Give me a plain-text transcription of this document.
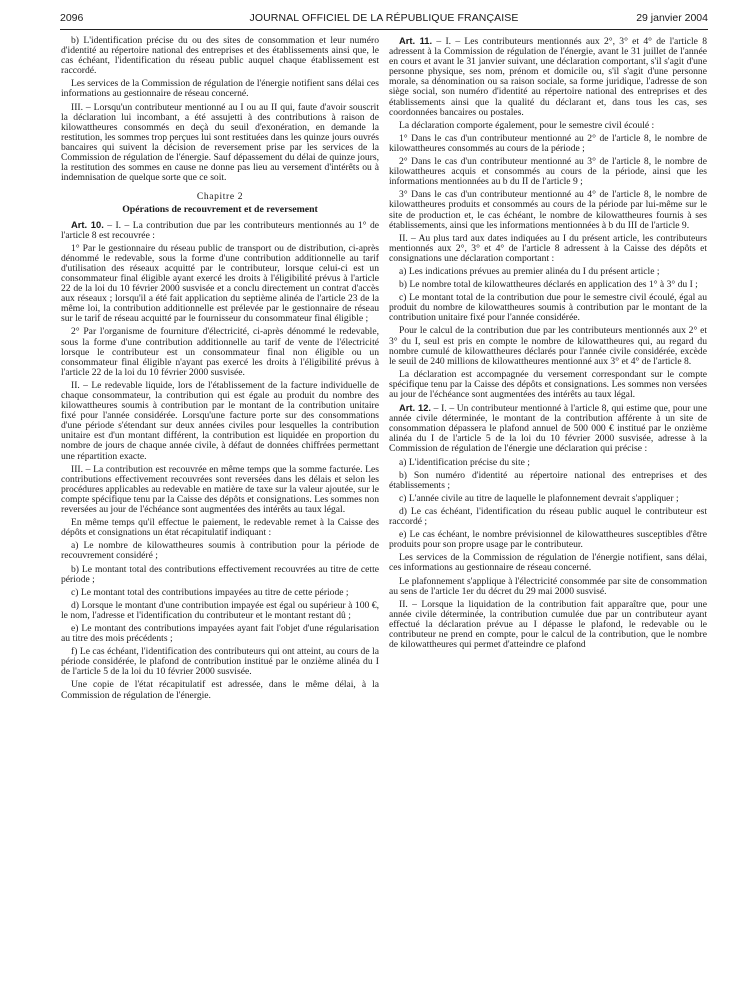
2096	JOURNAL OFFICIEL DE LA RÉPUBLIQUE FRANÇAISE	29 janvier 2004

b) L'identification précise du ou des sites de consommation et leur numéro d'identité au répertoire national des entreprises et des établissements ainsi que, le cas échéant, l'identification du réseau public auquel chaque établissement est raccordé.

Les services de la Commission de régulation de l'énergie notifient sans délai ces informations au gestionnaire de réseau concerné.

III. – Lorsqu'un contributeur mentionné au I ou au II qui, faute d'avoir souscrit la déclaration lui incombant, a été assujetti à des contributions à raison de kilowattheures consommés en deçà du seuil d'exonération, en demande la restitution, les sommes trop perçues lui sont restituées dans les quinze jours ouvrés bancaires qui suivent la décision de reversement prise par les services de la Commission de régulation de l'énergie. Sauf dépassement du délai de quinze jours, la restitution des sommes en cause ne donne pas lieu au versement d'intérêts ou à indemnisation de quelque sorte que ce soit.

Chapitre 2
Opérations de recouvrement et de reversement

Art. 10. – I. – La contribution due par les contributeurs mentionnés au 1° de l'article 8 est recouvrée :

1° Par le gestionnaire du réseau public de transport ou de distribution, ci-après dénommé le redevable, sous la forme d'une contribution additionnelle au tarif d'utilisation des réseaux acquitté par le contributeur, lorsque celui-ci est un consommateur final éligible ayant exercé les droits à l'éligibilité prévus à l'article 22 de la loi du 10 février 2000 susvisée et a conclu directement un contrat d'accès aux réseaux ; lorsqu'il a été fait application du septième alinéa de l'article 23 de la même loi, la contribution additionnelle est prélevée par le gestionnaire de réseau sur le tarif de réseau acquitté par le fournisseur du consommateur final éligible ;

2° Par l'organisme de fourniture d'électricité, ci-après dénommé le redevable, sous la forme d'une contribution additionnelle au tarif de vente de l'électricité lorsque le contributeur est un consommateur final non éligible ou un consommateur final éligible n'ayant pas exercé les droits à l'éligibilité prévus à l'article 22 de la loi du 10 février 2000 susvisée.

II. – Le redevable liquide, lors de l'établissement de la facture individuelle de chaque consommateur, la contribution qui est égale au produit du nombre des kilowattheures soumis à contribution par le montant de la contribution unitaire fixé pour l'année considérée. Lorsqu'une facture porte sur des consommations d'une période s'étendant sur deux années civiles pour lesquelles la contribution unitaire est d'un montant différent, la contribution est liquidée en proportion du nombre de jours de chaque année civile, à défaut de données chiffrées permettant une répartition exacte.

III. – La contribution est recouvrée en même temps que la somme facturée. Les contributions effectivement recouvrées sont reversées dans les délais et selon les procédures applicables au redevable en matière de taxe sur la valeur ajoutée, sur le compte spécifique tenu par la Caisse des dépôts et consignations. Les sommes non reversées au jour de l'échéance sont augmentées des intérêts au taux légal.

En même temps qu'il effectue le paiement, le redevable remet à la Caisse des dépôts et consignations un état récapitulatif indiquant :

a) Le nombre de kilowattheures soumis à contribution pour la période de recouvrement considéré ;

b) Le montant total des contributions effectivement recouvrées au titre de cette période ;

c) Le montant total des contributions impayées au titre de cette période ;

d) Lorsque le montant d'une contribution impayée est égal ou supérieur à 100 €, le nom, l'adresse et l'identification du contributeur et le montant restant dû ;

e) Le montant des contributions impayées ayant fait l'objet d'une régularisation au titre des mois précédents ;

f) Le cas échéant, l'identification des contributeurs qui ont atteint, au cours de la période considérée, le plafond de contribution institué par le onzième alinéa du I de l'article 5 de la loi du 10 février 2000 susvisée.

Une copie de l'état récapitulatif est adressée, dans le même délai, à la Commission de régulation de l'énergie.

Art. 11. – I. – Les contributeurs mentionnés aux 2°, 3° et 4° de l'article 8 adressent à la Commission de régulation de l'énergie, avant le 31 juillet de l'année en cours et avant le 31 janvier suivant, une déclaration comportant, s'il s'agit d'une personne physique, ses nom, prénom et domicile ou, s'il s'agit d'une personne morale, sa dénomination ou sa raison sociale, sa forme juridique, l'adresse de son siège social, son numéro d'identité au répertoire national des entreprises et des établissements ainsi que la qualité du déclarant et, dans tous les cas, ses coordonnées bancaires ou postales.

La déclaration comporte également, pour le semestre civil écoulé :

1° Dans le cas d'un contributeur mentionné au 2° de l'article 8, le nombre de kilowattheures consommés au cours de la période ;

2° Dans le cas d'un contributeur mentionné au 3° de l'article 8, le nombre de kilowattheures acquis et consommés au cours de la période, ainsi que les informations mentionnées au b du II de l'article 9 ;

3° Dans le cas d'un contributeur mentionné au 4° de l'article 8, le nombre de kilowattheures produits et consommés au cours de la période par lui-même sur le site de production et, le cas échéant, le nombre de kilowattheures fournis à ses établissements, ainsi que les informations mentionnées à b du III de l'article 9.

II. – Au plus tard aux dates indiquées au I du présent article, les contributeurs mentionnés aux 2°, 3° et 4° de l'article 8 adressent à la Caisse des dépôts et consignations une déclaration comportant :

a) Les indications prévues au premier alinéa du I du présent article ;

b) Le nombre total de kilowattheures déclarés en application des 1° à 3° du I ;

c) Le montant total de la contribution due pour le semestre civil écoulé, égal au produit du nombre de kilowattheures soumis à contribution par le montant de la contribution unitaire fixé pour l'année considérée.

Pour le calcul de la contribution due par les contributeurs mentionnés aux 2° et 3° du I, seul est pris en compte le nombre de kilowattheures qui, au regard du nombre cumulé de kilowattheures déclarés pour l'année civile considérée, excède le seuil de 240 millions de kilowattheures mentionné aux 3° et 4° de l'article 8.

La déclaration est accompagnée du versement correspondant sur le compte spécifique tenu par la Caisse des dépôts et consignations. Les sommes non versées au jour de l'échéance sont augmentées des intérêts au taux légal.

Art. 12. – I. – Un contributeur mentionné à l'article 8, qui estime que, pour une année civile déterminée, le montant de la contribution afférente à un site de consommation dépassera le plafond annuel de 500 000 € institué par le onzième alinéa du I de l'article 5 de la loi du 10 février 2000 susvisée, adresse à la Commission de régulation de l'énergie une déclaration qui précise :

a) L'identification précise du site ;

b) Son numéro d'identité au répertoire national des entreprises et des établissements ;

c) L'année civile au titre de laquelle le plafonnement devrait s'appliquer ;

d) Le cas échéant, l'identification du réseau public auquel le contributeur est raccordé ;

e) Le cas échéant, le nombre prévisionnel de kilowattheures susceptibles d'être produits pour son propre usage par le contributeur.

Les services de la Commission de régulation de l'énergie notifient, sans délai, ces informations au gestionnaire de réseau concerné.

Le plafonnement s'applique à l'électricité consommée par site de consommation au sens de l'article 1er du décret du 29 mai 2000 susvisé.

II. – Lorsque la liquidation de la contribution fait apparaître que, pour une année civile déterminée, la contribution cumulée due par un contributeur ayant effectué la déclaration prévue au I dépasse le plafond, le redevable ou le contributeur ne prend en compte, pour le calcul de la contribution, que le nombre de kilowattheures qui permet d'atteindre ce plafond
